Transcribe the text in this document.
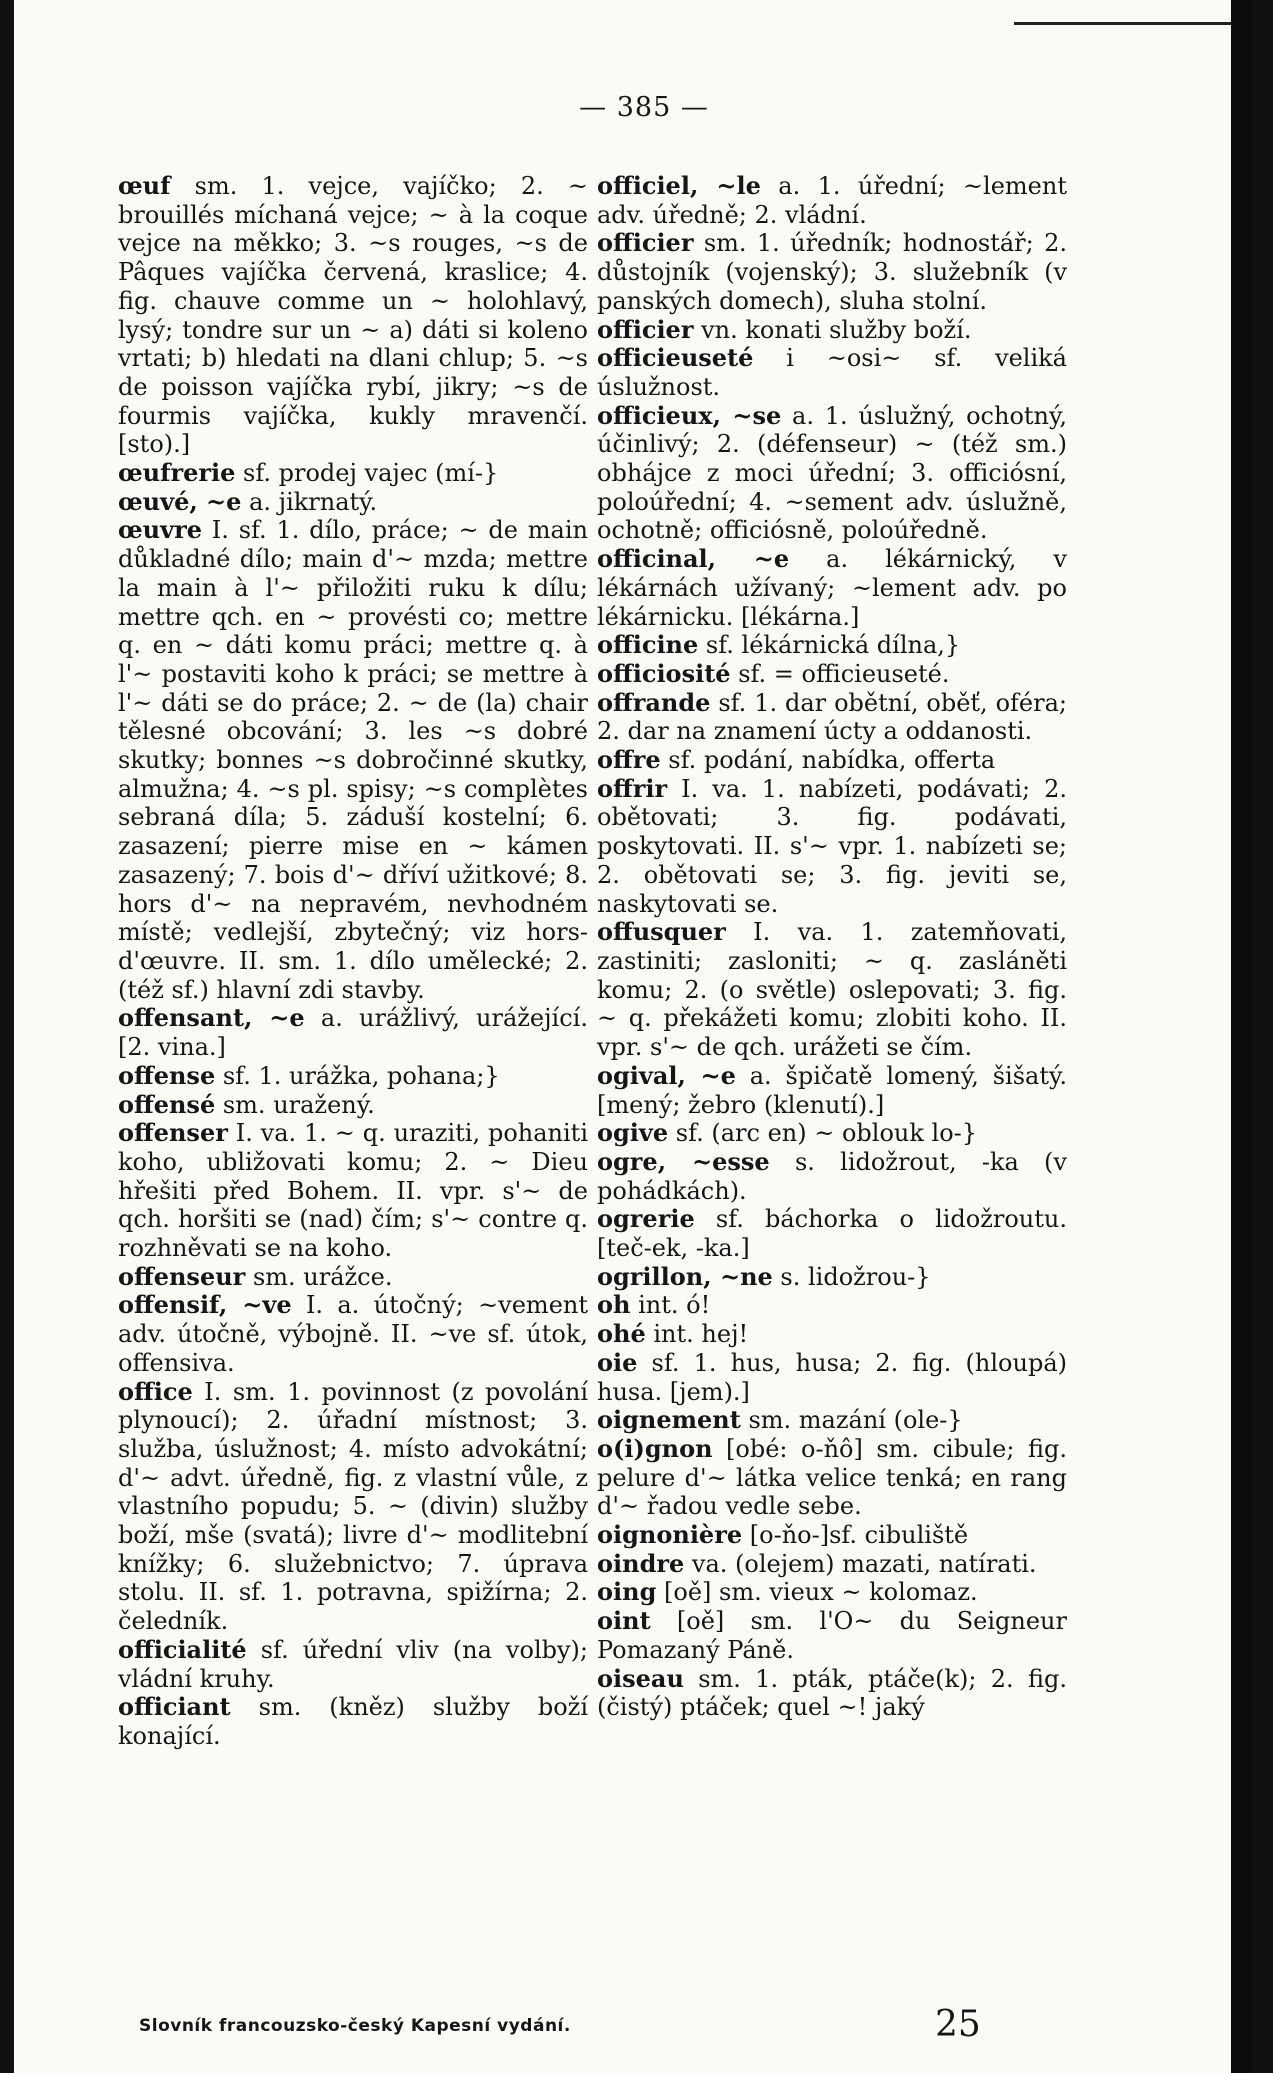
— 385 —

œuf sm. 1. vejce, vajíčko; 2. ~ brouillés míchaná vejce; ~ à la coque vejce na měkko; 3. ~s rouges, ~s de Pâques vajíčka červená, kraslice; 4. fig. chauve comme un ~ holohlavý, lysý; tondre sur un ~ a) dáti si koleno vrtati; b) hledati na dlani chlup; 5. ~s de poisson vajíčka rybí, jikry; ~s de fourmis vajíčka, kukly mravenčí. [sto).]

œufrerie sf. prodej vajec (mí-}

œuvé, ~e a. jikrnatý.

œuvre I. sf. 1. dílo, práce; ~ de main důkladné dílo; main d'~ mzda; mettre la main à l'~ přiložiti ruku k dílu; mettre qch. en ~ provésti co; mettre q. en ~ dáti komu práci; mettre q. à l'~ postaviti koho k práci; se mettre à l'~ dáti se do práce; 2. ~ de (la) chair tělesné obcování; 3. les ~s dobré skutky; bonnes ~s dobročinné skutky, almužna; 4. ~s pl. spisy; ~s complètes sebraná díla; 5. záduší kostelní; 6. zasazení; pierre mise en ~ kámen zasazený; 7. bois d'~ dříví užitkové; 8. hors d'~ na nepravém, nevhodném místě; vedlejší, zbytečný; viz hors-d'œuvre. II. sm. 1. dílo umělecké; 2. (též sf.) hlavní zdi stavby.

offensant, ~e a. urážlivý, urážející. [2. vina.]

offense sf. 1. urážka, pohana;}

offensé sm. uražený.

offenser I. va. 1. ~ q. uraziti, pohaniti koho, ubližovati komu; 2. ~ Dieu hřešiti před Bohem. II. vpr. s'~ de qch. horšiti se (nad) čím; s'~ contre q. rozhněvati se na koho.

offenseur sm. urážce.

offensif, ~ve I. a. útočný; ~vement adv. útočně, výbojně. II. ~ve sf. útok, offensiva.

office I. sm. 1. povinnost (z povolání plynoucí); 2. úřadní místnost; 3. služba, úslužnost; 4. místo advokátní; d'~ advt. úředně, fig. z vlastní vůle, z vlastního popudu; 5. ~ (divin) služby boží, mše (svatá); livre d'~ modlitební knížky; 6. služebnictvo; 7. úprava stolu. II. sf. 1. potravna, spižírna; 2. čeledník.

officialité sf. úřední vliv (na volby); vládní kruhy.

officiant sm. (kněz) služby boží konající.

officiel, ~le a. 1. úřední; ~lement adv. úředně; 2. vládní.

officier sm. 1. úředník; hodnostář; 2. důstojník (vojenský); 3. služebník (v panských domech), sluha stolní.

officier vn. konati služby boží.

officieuseté i ~osi~ sf. veliká úslužnost.

officieux, ~se a. 1. úslužný, ochotný, účinlivý; 2. (défenseur) ~ (též sm.) obhájce z moci úřední; 3. officiósní, poloúřední; 4. ~sement adv. úslužně, ochotně; officiósně, poloúředně.

officinal, ~e a. lékárnický, v lékárnách užívaný; ~lement adv. po lékárnicku. [lékárna.]

officine sf. lékárnická dílna,}

officiosité sf. = officieuseté.

offrande sf. 1. dar obětní, oběť, oféra; 2. dar na znamení úcty a oddanosti.

offre sf. podání, nabídka, offerta

offrir I. va. 1. nabízeti, podávati; 2. obětovati; 3. fig. podávati, poskytovati. II. s'~ vpr. 1. nabízeti se; 2. obětovati se; 3. fig. jeviti se, naskytovati se.

offusquer I. va. 1. zatemňovati, zastiniti; zasloniti; ~ q. zasláněti komu; 2. (o světle) oslepovati; 3. fig. ~ q. překážeti komu; zlobiti koho. II. vpr. s'~ de qch. urážeti se čím.

ogival, ~e a. špičatě lomený, šišatý. [mený; žebro (klenutí).]

ogive sf. (arc en) ~ oblouk lo-}

ogre, ~esse s. lidožrout, -ka (v pohádkách).

ogrerie sf. báchorka o lidožroutu. [teč-ek, -ka.]

ogrillon, ~ne s. lidožrou-}

oh int. ó!

ohé int. hej!

oie sf. 1. hus, husa; 2. fig. (hloupá) husa. [jem).]

oignement sm. mazání (ole-}

o(i)gnon [obé: o-ňô] sm. cibule; fig. pelure d'~ látka velice tenká; en rang d'~ řadou vedle sebe.

oignonière [o-ňo-]sf. cibuliště

oindre va. (olejem) mazati, natírati.

oing [oě] sm. vieux ~ kolomaz.

oint [oě] sm. l'O~ du Seigneur Pomazaný Páně.

oiseau sm. 1. pták, ptáče(k); 2. fig. (čistý) ptáček; quel ~! jaký

Slovník francouzsko-český Kapesní vydání.	25
